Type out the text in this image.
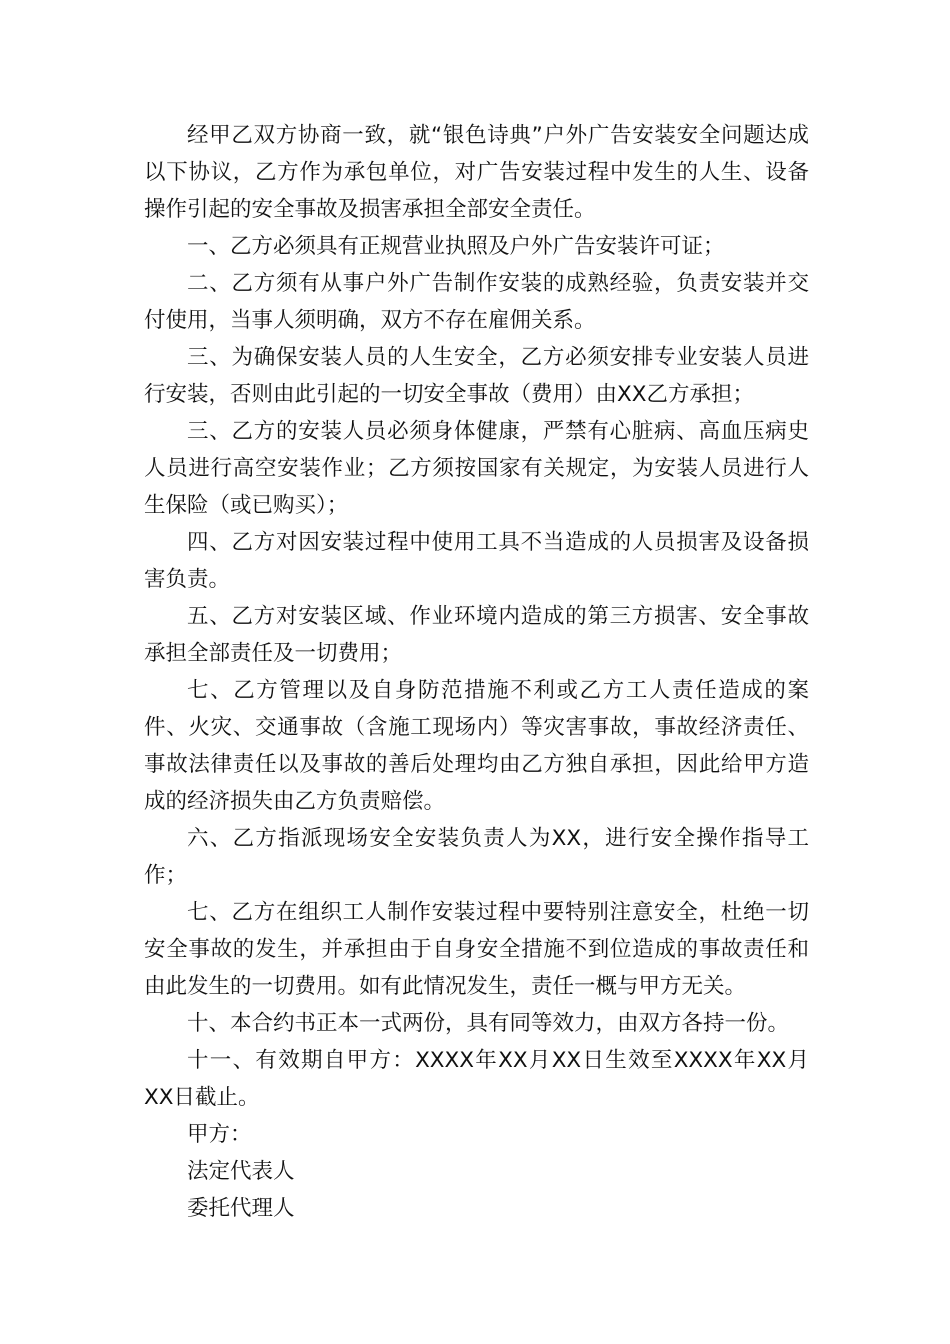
经甲乙双方协商一致，就“银色诗典”户外广告安装安全问题达成以下协议，乙方作为承包单位，对广告安装过程中发生的人生、设备操作引起的安全事故及损害承担全部安全责任。

一、乙方必须具有正规营业执照及户外广告安装许可证；

二、乙方须有从事户外广告制作安装的成熟经验，负责安装并交付使用，当事人须明确，双方不存在雇佣关系。

三、为确保安装人员的人生安全，乙方必须安排专业安装人员进行安装，否则由此引起的一切安全事故（费用）由XX乙方承担；

三、乙方的安装人员必须身体健康，严禁有心脏病、高血压病史人员进行高空安装作业；乙方须按国家有关规定，为安装人员进行人生保险（或已购买）；

四、乙方对因安装过程中使用工具不当造成的人员损害及设备损害负责。

五、乙方对安装区域、作业环境内造成的第三方损害、安全事故承担全部责任及一切费用；

七、乙方管理以及自身防范措施不利或乙方工人责任造成的案件、火灾、交通事故（含施工现场内）等灾害事故，事故经济责任、事故法律责任以及事故的善后处理均由乙方独自承担，因此给甲方造成的经济损失由乙方负责赔偿。

六、乙方指派现场安全安装负责人为XX，进行安全操作指导工作；

七、乙方在组织工人制作安装过程中要特别注意安全，杜绝一切安全事故的发生，并承担由于自身安全措施不到位造成的事故责任和由此发生的一切费用。如有此情况发生，责任一概与甲方无关。

十、本合约书正本一式两份，具有同等效力，由双方各持一份。

十一、有效期自甲方：XXXX年XX月XX日生效至XXXX年XX月XX日截止。

甲方：

法定代表人

委托代理人
